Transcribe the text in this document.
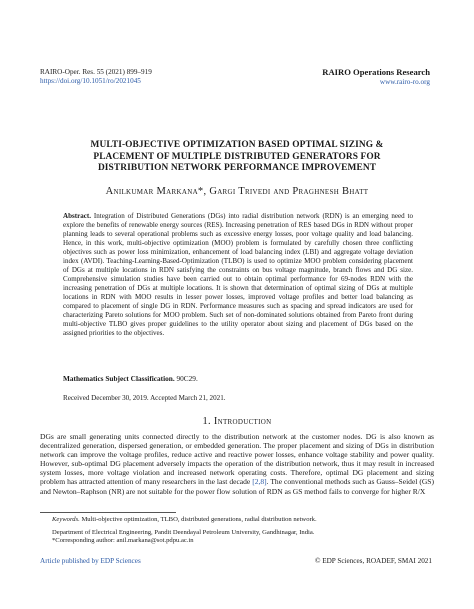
RAIRO-Oper. Res. 55 (2021) 899–919
https://doi.org/10.1051/ro/2021045
RAIRO Operations Research
www.rairo-ro.org
MULTI-OBJECTIVE OPTIMIZATION BASED OPTIMAL SIZING &
PLACEMENT OF MULTIPLE DISTRIBUTED GENERATORS FOR
DISTRIBUTION NETWORK PERFORMANCE IMPROVEMENT
Anilkumar Markana*, Gargi Trivedi and Praghnesh Bhatt
Abstract. Integration of Distributed Generations (DGs) into radial distribution network (RDN) is an emerging need to explore the benefits of renewable energy sources (RES). Increasing penetration of RES based DGs in RDN without proper planning leads to several operational problems such as excessive energy losses, poor voltage quality and load balancing. Hence, in this work, multi-objective optimization (MOO) problem is formulated by carefully chosen three conflicting objectives such as power loss minimization, enhancement of load balancing index (LBI) and aggregate voltage deviation index (AVDI). Teaching-Learning-Based-Optimization (TLBO) is used to optimize MOO problem considering placement of DGs at multiple locations in RDN satisfying the constraints on bus voltage magnitude, branch flows and DG size. Comprehensive simulation studies have been carried out to obtain optimal performance for 69-nodes RDN with the increasing penetration of DGs at multiple locations. It is shown that determination of optimal sizing of DGs at multiple locations in RDN with MOO results in lesser power losses, improved voltage profiles and better load balancing as compared to placement of single DG in RDN. Performance measures such as spacing and spread indicators are used for characterizing Pareto solutions for MOO problem. Such set of non-dominated solutions obtained from Pareto front during multi-objective TLBO gives proper guidelines to the utility operator about sizing and placement of DGs based on the assigned priorities to the objectives.
Mathematics Subject Classification. 90C29.
Received December 30, 2019. Accepted March 21, 2021.
1. Introduction
DGs are small generating units connected directly to the distribution network at the customer nodes. DG is also known as decentralized generation, dispersed generation, or embedded generation. The proper placement and sizing of DGs in distribution network can improve the voltage profiles, reduce active and reactive power losses, enhance voltage stability and power quality. However, sub-optimal DG placement adversely impacts the operation of the distribution network, thus it may result in increased system losses, more voltage violation and increased network operating costs. Therefore, optimal DG placement and sizing problem has attracted attention of many researchers in the last decade [2,8]. The conventional methods such as Gauss–Seidel (GS) and Newton–Raphson (NR) are not suitable for the power flow solution of RDN as GS method fails to converge for higher R/X
Keywords. Multi-objective optimization, TLBO, distributed generations, radial distribution network.
Department of Electrical Engineering, Pandit Deendayal Petroleum University, Gandhinagar, India.
*Corresponding author: anil.markana@sot.pdpu.ac.in
Article published by EDP Sciences	© EDP Sciences, ROADEF, SMAI 2021
